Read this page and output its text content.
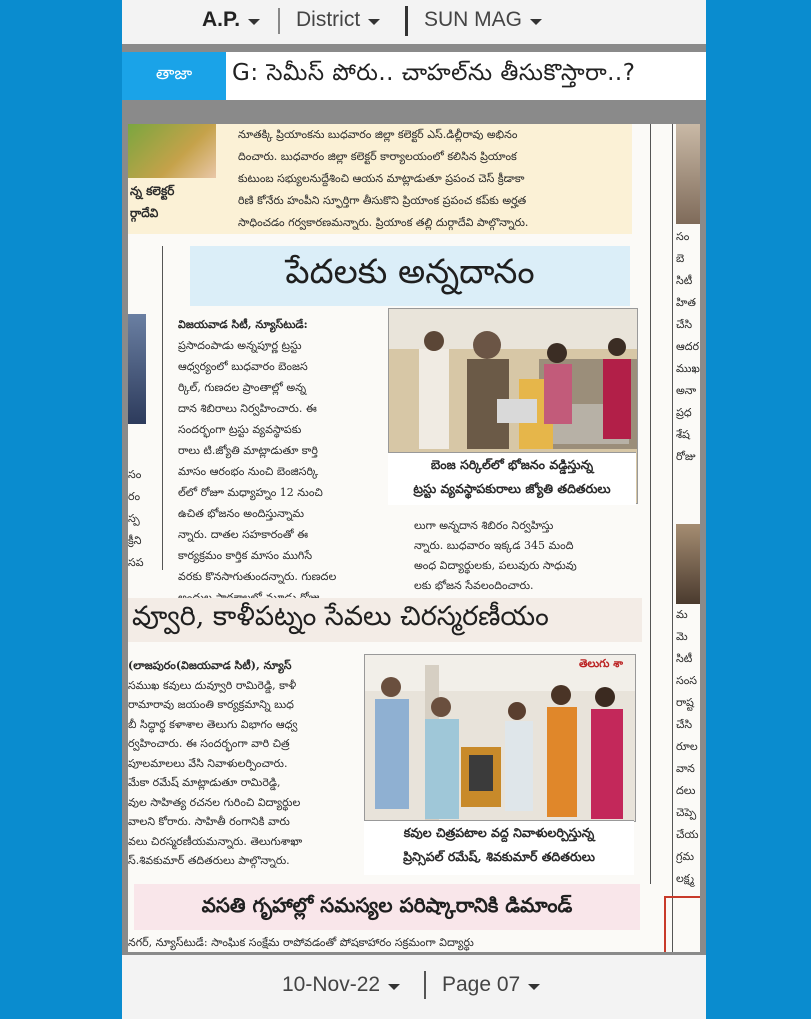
A.P.	District	SUN MAG
తాజా	G: సెమీస్ పోరు.. చాహల్‌ను తీసుకొస్తారా..?
న్న కలెక్టర్
ర్గాదేవి
నూతక్కి ప్రియాంకను బుధవారం జిల్లా కలెక్టర్ ఎస్.డిల్లీరావు అభినం
దించారు. బుధవారం జిల్లా కలెక్టర్ కార్యాలయంలో కలిసిన ప్రియాంక
కుటుంబ సభ్యులనుద్దేశించి ఆయన మాట్లాడుతూ ప్రపంచ చెస్ క్రీడాకా
రిణి కోనేరు హంపీని స్ఫూర్తిగా తీసుకొని ప్రియాంక ప్రపంచ కప్‌కు అర్హత
సాధించడం గర్వకారణమన్నారు. ప్రియాంక తల్లి దుర్గాదేవి పాల్గొన్నారు.
సం
రం
స్ప
క్రీని
సప
సం
బె
సిటీ
హిత
చేసి
ఆదర
ముఖ
అనా
ప్రధ
శేష
రోజు
మ
మె
సిటీ
సంస
రాష్ట
చేసి
రూల
వాన
దలు
చెప్పె
చేయ
గ్రమ
లక్ష్మ
పేదలకు అన్నదానం
విజయవాడ సిటీ, న్యూస్‌టుడే:
ప్రసాదంపాడు అన్నపూర్ణ ట్రస్టు
ఆధ్వర్యంలో బుధవారం బెంజస
ర్కిల్, గుణదల ప్రాంతాల్లో అన్న
దాన శిబిరాలు నిర్వహించారు. ఈ
సందర్భంగా ట్రస్టు వ్యవస్థాపకు
రాలు టి.జ్యోతి మాట్లాడుతూ కార్తి
మాసం ఆరంభం నుంచి బెంజిసర్కి
ల్‌లో రోజూ మధ్యాహ్నం 12 నుంచి
ఉచిత భోజనం అందిస్తున్నామ
న్నారు. దాతల సహకారంతో ఈ
కార్యక్రమం కార్తిక మాసం ముగిసే
వరకు కొనసాగుతుందన్నారు. గుణదల
బెంజ సర్కిల్‌లో భోజనం వడ్డిస్తున్న
ట్రస్టు వ్యవస్థాపకురాలు జ్యోతి తదితరులు
లుగా అన్నదాన శిబిరం నిర్వహిస్తు
న్నారు. బుధవారం ఇక్కడ 345 మంది
అంధ విద్యార్థులకు, పలువురు సాధువు
లకు భోజన సేవలందించారు.
వ్వూరి, కాళీపట్నం సేవలు చిరస్మరణీయం
(లాజపురం(విజయవాడ సిటీ), న్యూస్
సముఖ కవులు దువ్వూరి రామిరెడ్డి, కాళీ
రామారావు జయంతి కార్యక్రమాన్ని బుధ
బీ సిద్ధార్థ కళాశాల తెలుగు విభాగం ఆధ్వ
ర్వహించారు. ఈ సందర్భంగా వారి చిత్ర
పూలమాలలు వేసి నివాళులర్పించారు.
మేకా రమేష్ మాట్లాడుతూ రామిరెడ్డి,
వుల సాహిత్య రచనల గురించి విద్యార్థుల
వాలని కోరారు. సాహితీ రంగానికి వారు
వలు చిరస్మరణీయమన్నారు. తెలుగుశాఖా
స్.శివకుమార్ తదితరులు పాల్గొన్నారు.
తెలుగు శా
కవుల చిత్రపటాల వద్ద నివాళులర్పిస్తున్న
ప్రిన్సిపల్ రమేష్, శివకుమార్ తదితరులు
వసతి గృహాల్లో సమస్యల పరిష్కారానికి డిమాండ్
నగర్, న్యూస్‌టుడే: సాంఘిక సంక్షేమ రాపోవడంతో పోషకాహారం సక్రమంగా విద్యార్థు
10-Nov-22	Page 07
